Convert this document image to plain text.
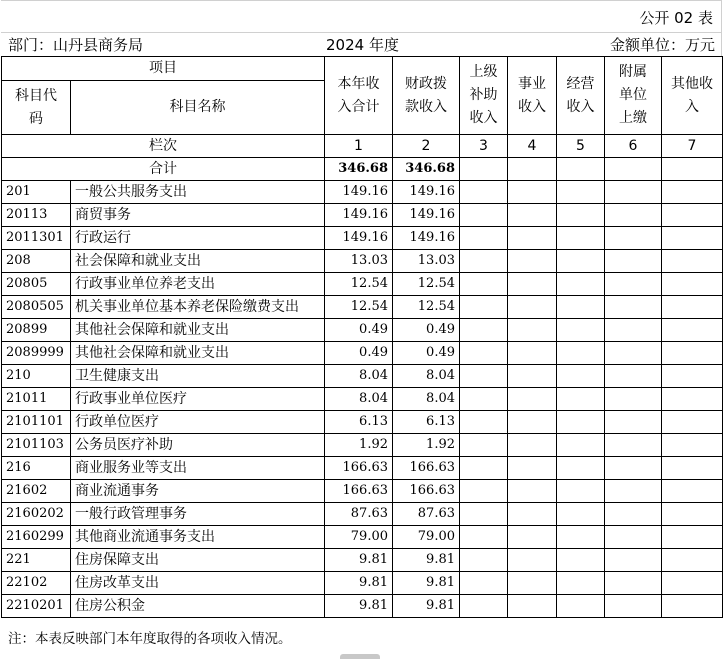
公开 02 表
部门：山丹县商务局	2024 年度	金额单位：万元
项目		本年收入合计	财政拨款收入	上级补助收入	事业收入	经营收入	附属单位上缴	其他收入
科目代码	科目名称							
栏次		1	2	3	4	5	6	7
合计		346.68	346.68					
201	一般公共服务支出	149.16	149.16					
20113	商贸事务	149.16	149.16					
2011301	行政运行	149.16	149.16					
208	社会保障和就业支出	13.03	13.03					
20805	行政事业单位养老支出	12.54	12.54					
2080505	机关事业单位基本养老保险缴费支出	12.54	12.54					
20899	其他社会保障和就业支出	0.49	0.49					
2089999	其他社会保障和就业支出	0.49	0.49					
210	卫生健康支出	8.04	8.04					
21011	行政事业单位医疗	8.04	8.04					
2101101	行政单位医疗	6.13	6.13					
2101103	公务员医疗补助	1.92	1.92					
216	商业服务业等支出	166.63	166.63					
21602	商业流通事务	166.63	166.63					
2160202	一般行政管理事务	87.63	87.63					
2160299	其他商业流通事务支出	79.00	79.00					
221	住房保障支出	9.81	9.81					
22102	住房改革支出	9.81	9.81					
2210201	住房公积金	9.81	9.81					
注：本表反映部门本年度取得的各项收入情况。
